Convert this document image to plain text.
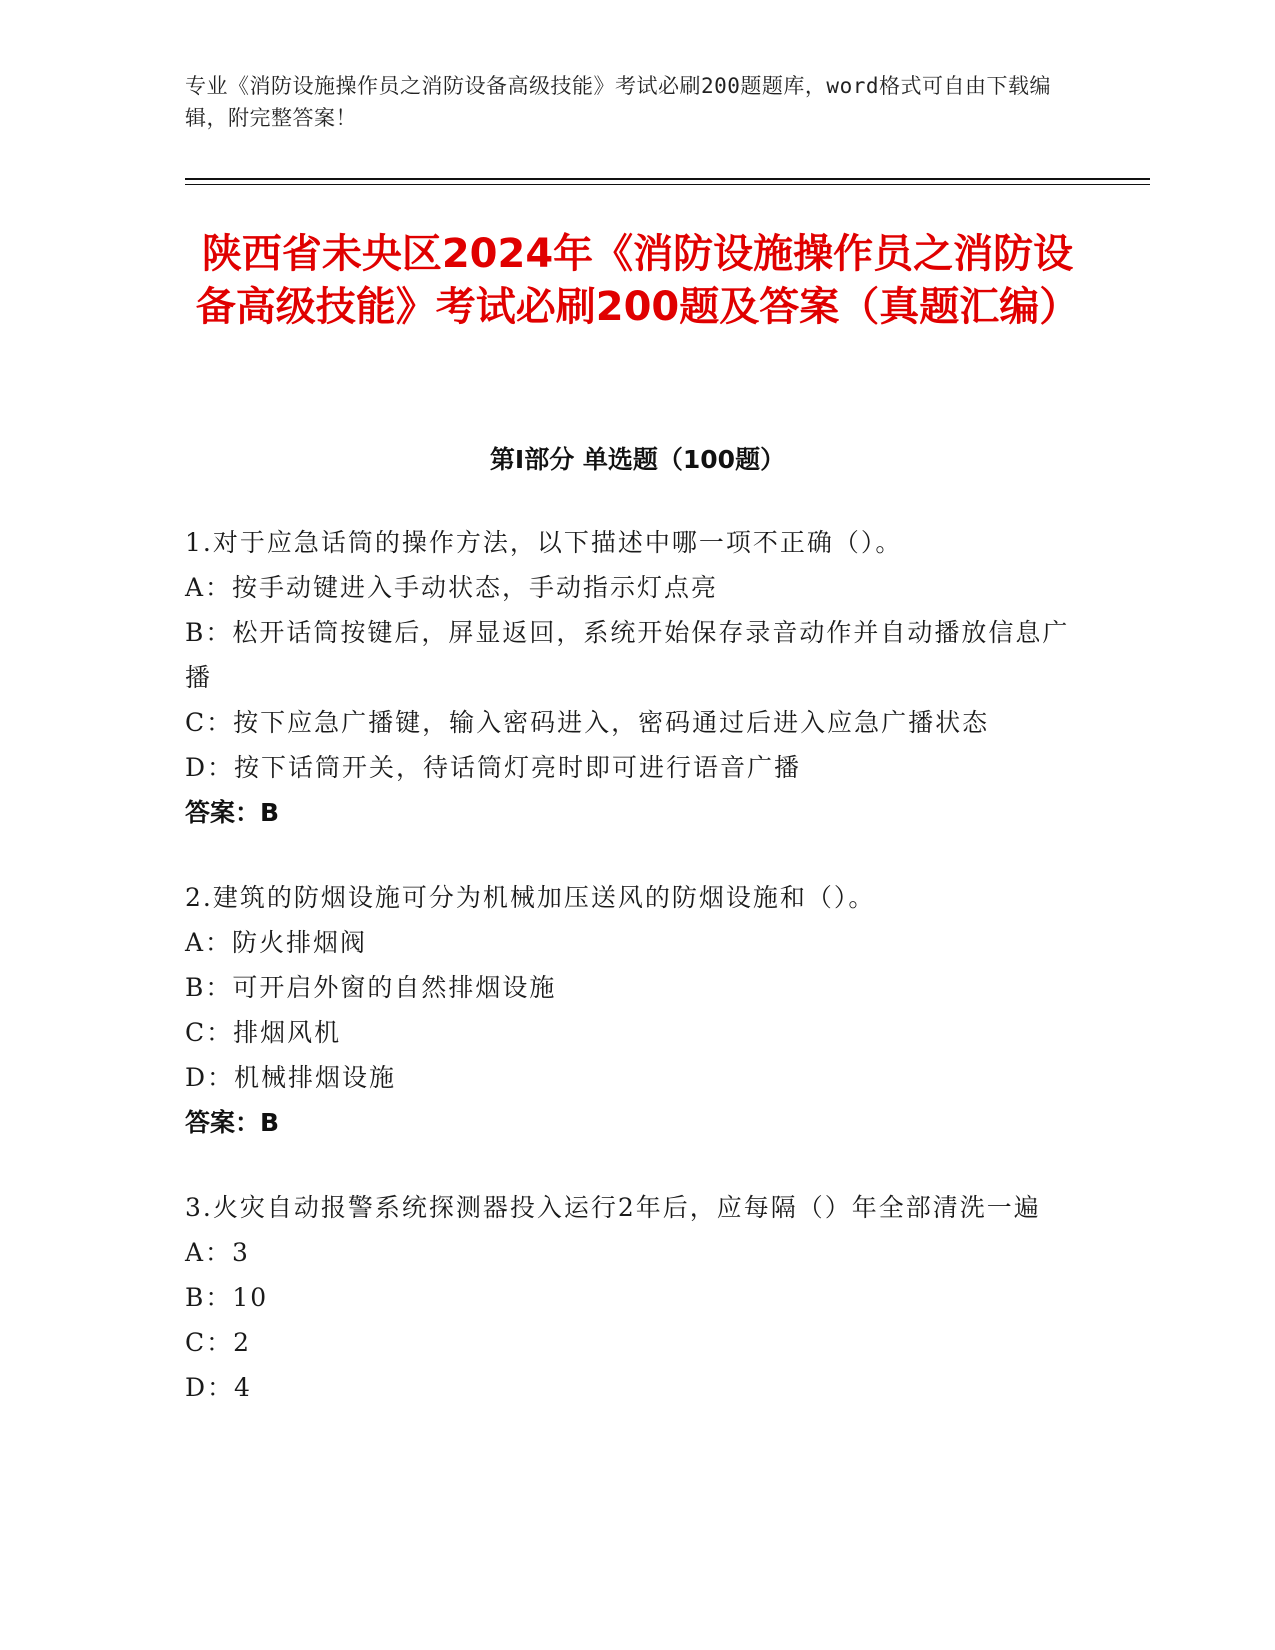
专业《消防设施操作员之消防设备高级技能》考试必刷200题题库，word格式可自由下载编辑，附完整答案！
陕西省未央区2024年《消防设施操作员之消防设备高级技能》考试必刷200题及答案（真题汇编）
第Ⅰ部分 单选题（100题）
1.对于应急话筒的操作方法，以下描述中哪一项不正确（）。
A：按手动键进入手动状态，手动指示灯点亮
B：松开话筒按键后，屏显返回，系统开始保存录音动作并自动播放信息广播
C：按下应急广播键，输入密码进入，密码通过后进入应急广播状态
D：按下话筒开关，待话筒灯亮时即可进行语音广播
答案：B
2.建筑的防烟设施可分为机械加压送风的防烟设施和（）。
A：防火排烟阀
B：可开启外窗的自然排烟设施
C：排烟风机
D：机械排烟设施
答案：B
3.火灾自动报警系统探测器投入运行2年后，应每隔（）年全部清洗一遍
A：3
B：10
C：2
D：4
